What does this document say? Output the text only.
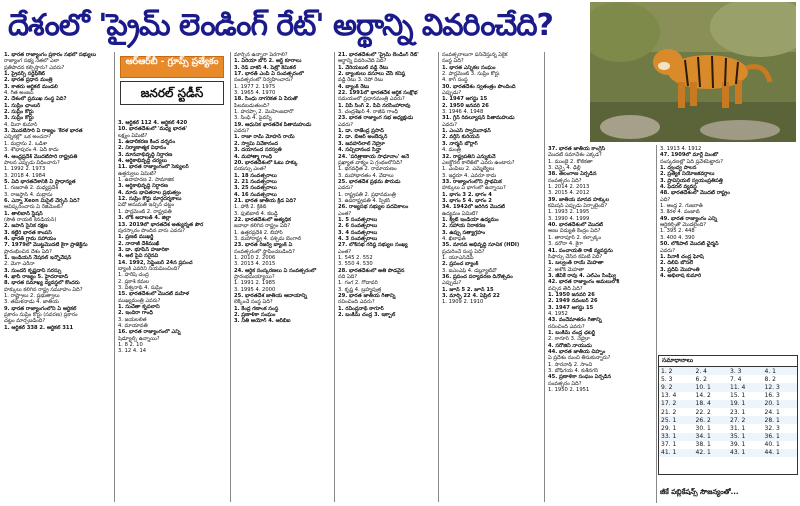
దేశంలో 'ప్రైమ్ లెండింగ్ రేట్' అర్థాన్ని వివరించేది?
ఆర్ఆర్‌బీ - గ్రూప్స్ ప్రత్యేకం
జనరల్ స్టడీస్
1. భారత రాజ్యాంగం ప్రకారం సభలో సభ్యులు
రాజ్యాంగ సభ్య నేతలో ఎలా
ప్రతిపాదన కల్పిస్తారు? ఎవరు?
1. ప్రైవర్స్ సర్టిఫికేట్
2. భారత ప్రధాన మంత్రి
3. కాతరు ఆర్టికల్ మండలి
4. గీత అంజన్
2. దేశంలో ప్రముఖ సంస్థ ఏది?
1. సుప్రీం ఛాంబర్
2. సుప్రీం కోర్టు
3. సుప్రీం కోర్టు
4. మీరా కుమార్
3. మొదటిసారి ఏ రాజ్యం 'కేరళ భారత
ఎన్నికల్లో' ఒక అంచనా?
1. మద్రాసు 2. ఒడిశా
3. శోభాపురం 4. ఏదీ కాదు
4. ఆంధ్రప్రదేశ్ మొదటిసారి రాష్ట్రపతి
పాలన ఎప్పుడు విధించారు?
1. 1992 2. 1973
3. 2018 4. 1984
5. ఏది భారతదేశానికి ఏ ప్రాధాన్యత
1. గుజరాత్ 2. మధ్యప్రదేశ్
3. రాజస్థాన్ 4. మద్రాసు
6. ఎన్నా Xeon మిసైల్ వేర్సన్ ఏది?
ఆవిష్కరించారు ఏ రేజిమెంట్?
1. తాలిబాన్ స్టేషన్
(సౌత్ రాయల్ కెనడియన్)
2. జపాన్ సైనిక రక్షణ
3. కట్టిరి భారత కాంపస్
4. భారత్ గ్రామ సహాయం
7. 1979లో మొట్టమొదటి కైగా ప్రాజెక్ట్‌ను
ప్రారంభించిన దేశం ఏది?
1. ఇండియన్ నేషనల్ ఇన్నోవేషన్
2. మెగా ఎరీనా
3. సుందర్ కృష్ణదాస్ సరస్సు
4. ఖాసీ రాజ్యం 5. హైదరాబాద్
8. భారత సమాఖ్య వ్యవస్థలో కొందరు
హక్కులు కలిగిన రాష్ట్ర సమూహం ఏది?
1. రాష్ట్రాలు 2. ప్రభుత్వాలు
3. తమిళనాడు 4. జాతియ
9. భారత రాజ్యాంగంలోని ఏ ఆర్టికల్
ప్రకారం సుప్రీం కోర్టు (సవరణ) ప్రకారం
చట్టం మార్చబడింది?
1. ఆర్టికల్ 338 2. ఆర్టికల్ 311
3. ఆర్టికల్ 112 4. ఆర్టికల్ 420
10. భారతదేశంలో 'మధ్య భారత'
లక్ష్యం ఏమిటి?
1. ఉదారీకరణ కింద దర్శనం
2. నిర్మాణాత్మక విధానం
3. మానవాభివృద్ధి నిర్ధారణ
4. ఆర్థికాభివృద్ధి చర్యలు
11. భారత రాజ్యాంగంలో సెక్యులర్
ఉత్తర్వులు ఏమిటి?
1. ఉదాహరణ 2. సామాజిక
3. ఆర్థికాభివృద్ధి నిర్ధారణ
4. మారు భావితరాల ప్రభుత్వం
12. సుప్రీం కోర్టు మార్గదర్శకాలు
ఏదో అనుమతి ఇచ్చిన చట్టం
1. పార్లమెంట్ 2. రాష్ట్రపతి
3. లోక్ అదాలత్ 4. జిల్లా
13. 2019లో భారతదేశ అత్యున్నత పౌర
పురస్కారం పొందిన వారు ఎవరు?
1. ప్రణబ్ ముఖర్జీ
2. నానాజీ దేశ్‌ముఖ్
3. డా. భూపేన్ హజారికా
4. ఆల్ పైవి సరైనవి
14. 1992, సెప్టెంబర్ 24న ప్రపంచ
బ్యాంక్ ఎవరిని నియమించింది?
1. హరీష్ చంద్ర
2. ప్రకాశ్ కమల
3. విశ్వనాథ్ 4. సుప్రీం
15. భారతదేశంలో మొదటి మహిళ
ముఖ్యమంత్రి ఎవరు?
1. సుచేతా కృపలానీ
2. ఇందిరా గాంధీ
3. జయలలిత
4. మాయావతి
16. భారత రాజ్యాంగంలో ఎన్ని
షెడ్యూల్స్ ఉన్నాయి?
1. 8 2. 10
3. 12 4. 14
మార్చిన ఉన్నారా పెరగాలి?
1. ఏరియా బోర్ 2. ఆర్ట్ కూరాలు
3. రెడ్ వాకర్ 4. పెట్రో కెమికల్
17. భారత్ ఎంపీ ఏ సంవత్సరంలో
సంవత్సరంలో నిర్వహించారు?
1. 1977 2. 1975
3. 1965 4. 1970
18. సింధు నాగరికత ఏ పేరుతో
పిలవబడుతుంది?
1. హరప్పా 2. మొహెంజదారో
3. సింధ్ 4. పైవన్నీ
19. ఆధునిక భారతదేశ పితామహుడు
ఎవరు?
1. రాజా రామ్ మోహన్ రాయ్
2. స్వామి వివేకానంద
3. దయానంద సరస్వతి
4. మహాత్మా గాంధీ
20. భారతదేశంలో ఓటు హక్కు
వయస్సు ఎంత?
1. 18 సంవత్సరాలు
2. 21 సంవత్సరాలు
3. 25 సంవత్సరాలు
4. 16 సంవత్సరాలు
21. భారత జాతీయ క్రీడ ఏది?
1. హాకీ 2. క్రికెట్
3. ఫుట్‌బాల్ 4. కబడ్డీ
22. భారతదేశంలో అత్యధిక
జనాభా కలిగిన రాష్ట్రం ఏది?
1. ఉత్తరప్రదేశ్ 2. బిహార్
3. మహారాష్ట్ర 4. పశ్చిమ బెంగాల్
23. భారత రిజర్వ్ బ్యాంక్ ఏ
సంవత్సరంలో స్థాపించబడింది?
1. 2010 2. 2006
3. 2013 4. 2015
24. ఆర్థిక సంస్కరణలు ఏ సంవత్సరంలో
ప్రారంభమయ్యాయి?
1. 1991 2. 1985
3. 1995 4. 2000
25. భారతదేశ జాతీయ ఆదాయాన్ని
లెక్కించే సంస్థ ఏది?
1. కేంద్ర గణాంక సంస్థ
2. ప్రణాళికా సంఘం
3. నీతి ఆయోగ్ 4. ఆర్‌బీఐ
21. భారతదేశంలో 'ప్రైమ్ లెండింగ్ రేట్'
అర్థాన్ని వివరించేది ఏది?
1. వేరియబుల్ వడ్డీ రేటు
2. బ్యాంకులు వసూలు చేసే కనిష్ఠ
వడ్డీ రేటు 3. రెపో రేటు
4. బ్యాంక్ రేటు
22. 1991లో భారతదేశ ఆర్థిక సంక్షోభ
సమయంలో ప్రధానమంత్రి ఎవరు?
1. వీపీ సింగ్ 2. పీవీ నరసింహారావు
3. చంద్రశేఖర్ 4. రాజీవ్ గాంధీ
23. భారత రాజ్యాంగ సభ అధ్యక్షుడు
ఎవరు?
1. డా. రాజేంద్ర ప్రసాద్
2. డా. బీఆర్ అంబేద్కర్
3. జవహర్‌లాల్ నెహ్రూ
4. సచ్చిదానంద సిన్హా
24. 'పరిత్రాణాయ సాధూనాం' అనే
ప్రఖ్యాత వాక్యం ఏ గ్రంథంలోనిది?
1. భగవద్గీత 2. రామాయణం
3. మహాభారతం 4. వేదాలు
25. భారతదేశ ప్రథమ పౌరుడు
ఎవరు?
1. రాష్ట్రపతి 2. ప్రధానమంత్రి
3. ఉపరాష్ట్రపతి 4. స్పీకర్
26. రాజ్యసభ సభ్యుల పదవీకాలం
ఎంత?
1. 5 సంవత్సరాలు
2. 6 సంవత్సరాలు
3. 4 సంవత్సరాలు
4. 3 సంవత్సరాలు
27. లోక్‌సభ గరిష్ఠ సభ్యుల సంఖ్య
ఎంత?
1. 545 2. 552
3. 550 4. 530
28. భారతదేశంలో అతి పొడవైన
నది ఏది?
1. గంగ 2. గోదావరి
3. కృష్ణ 4. బ్రహ్మపుత్ర
29. భారత జాతీయ గీతాన్ని
రచించింది ఎవరు?
1. రవీంద్రనాథ్ ఠాగూర్
2. బంకిమ్ చంద్ర 3. ఇక్బాల్
సంవత్సరాలుగా పనిచేస్తున్న ఏకైక
సంస్థ ఏది?
1. భారత ఎన్నికల సంఘం
2. పార్లమెంట్ 3. సుప్రీం కోర్టు
4. కాగ్ సంస్థ
30. భారతదేశం స్వతంత్రం పొందింది
ఎప్పుడు?
1. 1947 ఆగస్టు 15
2. 1950 జనవరి 26
3. 1946 4. 1948
31. గ్రీన్ రివల్యూషన్ పితామహుడు
ఎవరు?
1. ఎంఎస్ స్వామినాథన్
2. వర్గీస్ కురియన్
3. నార్మన్ బోర్లాగ్
4. మంత్రి
32. రాష్ట్రపతిని ఎన్నుకునే
ఎలక్టోరల్ కాలేజ్‌లో ఎవరు ఉంటారు?
1. ఎంపీలు 2. ఎమ్మెల్యేలు
3. ఇద్దరూ 4. ఎవరూ కాదు
33. రాజ్యాంగంలోని ప్రాథమిక
హక్కులు ఏ భాగంలో ఉన్నాయి?
1. భాగం 3 2. భాగం 4
3. భాగం 5 4. భాగం 2
34. 1942లో జరిగిన మొదటి
ఉద్యమం ఏమిటి?
1. క్విట్ ఇండియా ఉద్యమం
2. సహాయ నిరాకరణ
3. ఉప్పు సత్యాగ్రహం
4. ఖిలాఫత్
35. మానవ అభివృద్ధి సూచిక (HDI)
ప్రచురించే సంస్థ ఏది?
1. యూఎన్‌డీపీ
2. ప్రపంచ బ్యాంక్
3. ఐఎంఎఫ్ 4. డబ్ల్యూటీవో
36. ప్రపంచ పర్యావరణ దినోత్సవం
ఎప్పుడు?
1. జూన్ 5 2. జూన్ 15
3. మార్చి 22 4. ఏప్రిల్ 22
1. 1909 2. 1910
37. భారత జాతీయ కాంగ్రెస్
మొదటి సమావేశం ఎక్కడ?
1. ముంబై 2. కోల్‌కతా
3. చెన్నై 4. ఢిల్లీ
38. తెలంగాణ ఏర్పడిన
సంవత్సరం ఏది?
1. 2014 2. 2013
3. 2015 4. 2012
39. జాతీయ మానవ హక్కుల
కమిషన్ ఎప్పుడు ఏర్పాటైంది?
1. 1993 2. 1995
3. 1990 4. 1999
40. భారతదేశంలో మొదటి
అణు విద్యుత్ కేంద్రం ఏది?
1. తారాపూర్ 2. కల్పాక్కం
3. నరోరా 4. కైగా
41. పంచాయతీ రాజ్ వ్యవస్థను
సిఫార్సు చేసిన కమిటీ ఏది?
1. బల్వంత్ రాయ్ మెహతా
2. అశోక్ మెహతా
3. జీవీకే రావు 4. ఎల్ఎం సింఘ్వీ
42. భారత రాజ్యాంగం అమలులోకి
వచ్చిన తేదీ ఏది?
1. 1950 జనవరి 26
2. 1949 నవంబర్ 26
3. 1947 ఆగస్టు 15
4. 1952
43. వందేమాతరం గీతాన్ని
రచించింది ఎవరు?
1. బంకిమ్ చంద్ర ఛటర్జీ
2. ఠాగూర్ 3. నెహ్రూ
4. సరోజినీ నాయుడు
44. భారత జాతీయ చిహ్నం
ఏ ప్రదేశం నుంచి తీసుకున్నారు?
1. సారనాథ్ 2. సాంచి
3. బోధ్‌గయ 4. కుశీనగర్
45. ప్రణాళికా సంఘం ఏర్పడిన
సంవత్సరం ఏది?
1. 1950 2. 1951
3. 1913 4. 1912
47. 1909లో మార్లే మింటో
సంస్కరణల్లో ఏది ప్రవేశపెట్టారు?
1. ద్వంద్వ పాలన
2. ప్రత్యేక నియోజకవర్గాలు
3. ప్రావిన్షియల్ స్వయంప్రతిపత్తి
4. ఫెడరల్ వ్యవస్థ
48. భారతదేశంలో మొదటి రాష్ట్రం
ఎది?
1. ఆంధ్ర 2. గుజరాత్
3. కేరళ 4. పంజాబ్
49. భారత రాజ్యాంగం ఎన్ని
ఆర్టికల్స్‌తో మొదలైంది?
1. 395 2. 448
3. 400 4. 390
50. లోక్‌పాల్ మొదటి ఛైర్మన్
ఎవరు?
1. పినాకి చంద్ర ఘోష్
2. దిలీప్ బోసలే
3. ప్రదీప్ మొహంతి
4. అభిలాష కుమారి
సమాధానాలు
1. 2	2. 4	3. 3	4. 1
5. 3	6. 2	7. 4	8. 2
9. 2	10. 1	11. 4	12. 3
13. 4	14. 2	15. 1	16. 3
17. 2	18. 4	19. 1	20. 1
21. 2	22. 2	23. 1	24. 1
25. 1	26. 2	27. 2	28. 1
29. 1	30. 1	31. 1	32. 3
33. 1	34. 1	35. 1	36. 1
37. 1	38. 1	39. 1	40. 1
41. 1	42. 1	43. 1	44. 1
జీకే పబ్లికేషన్స్ సౌజన్యంతో...
